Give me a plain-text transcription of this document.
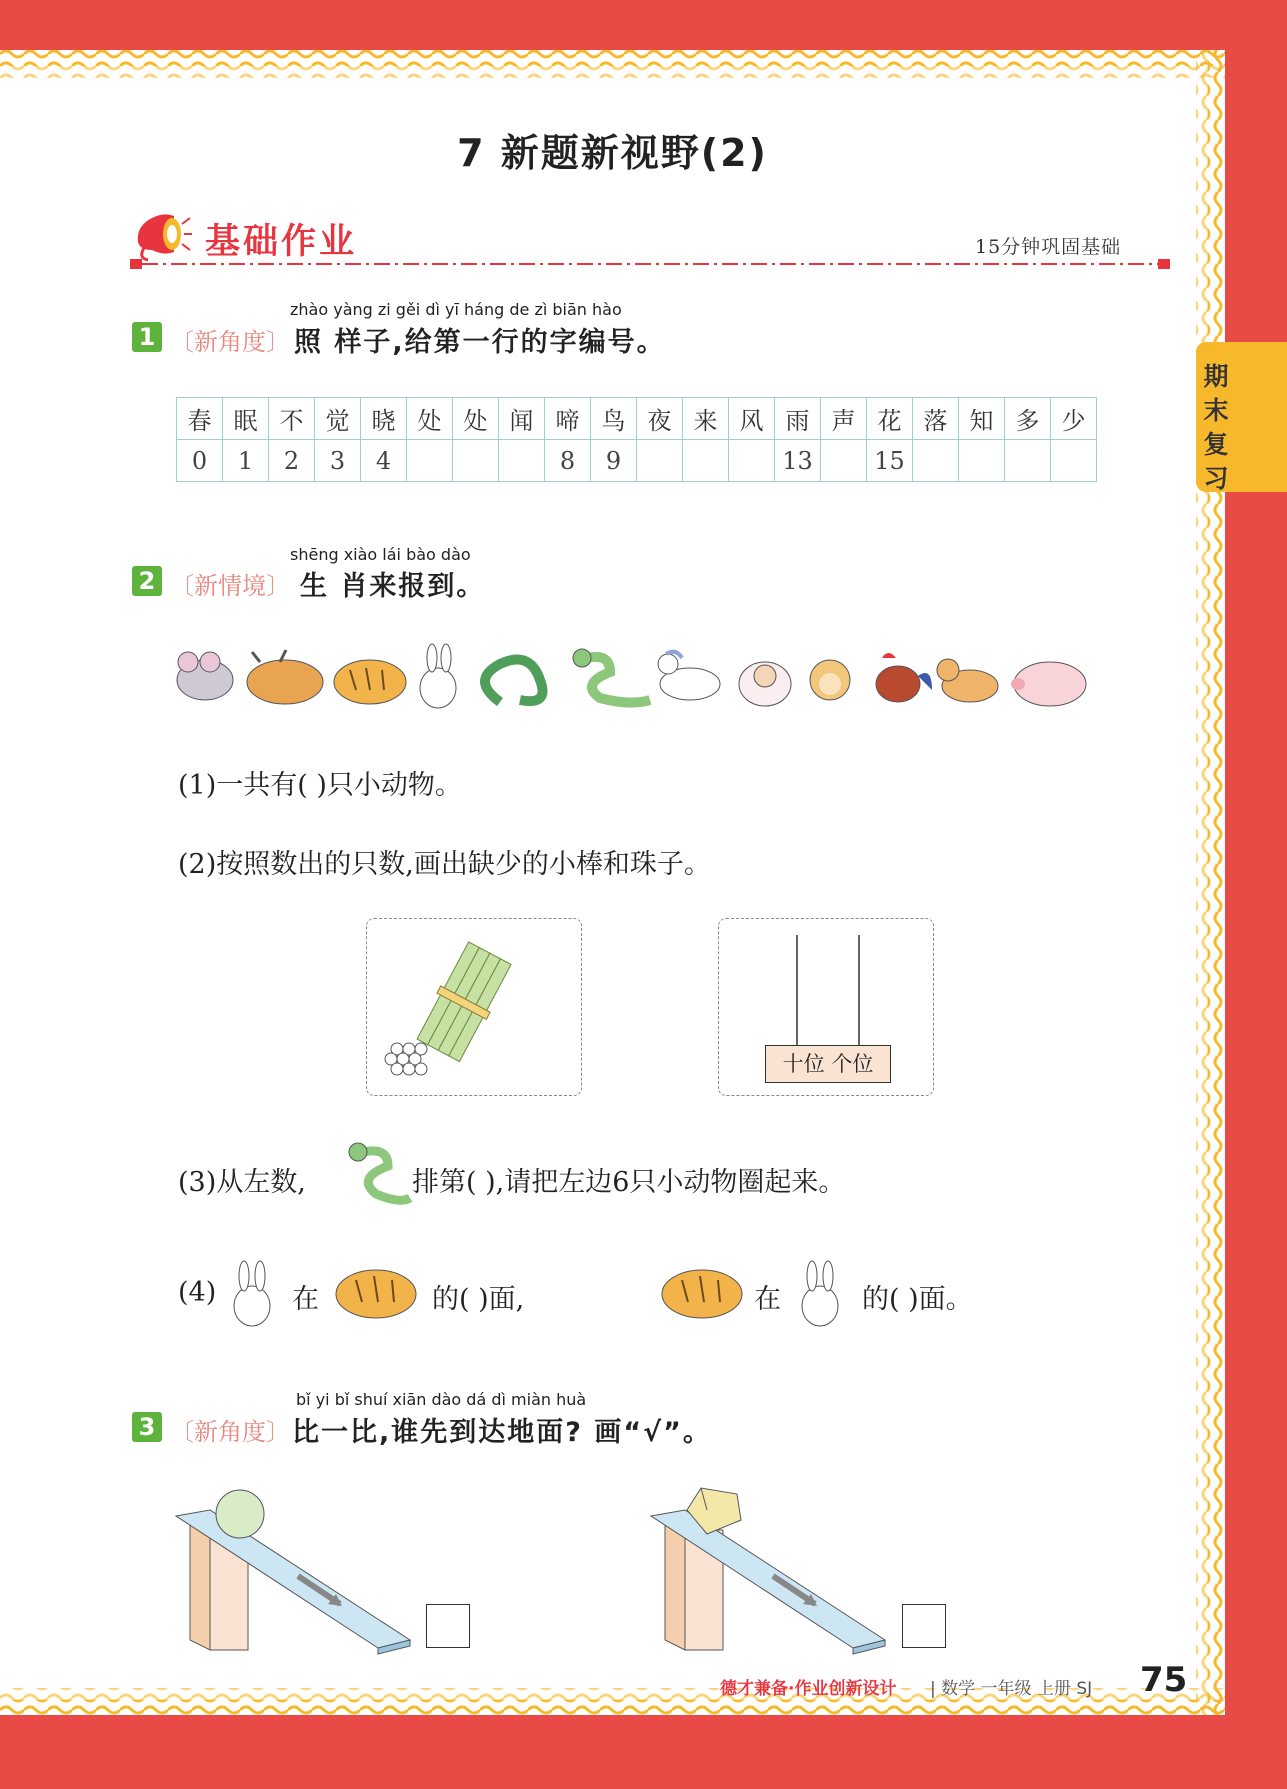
期末复习
7 新题新视野(2)
基础作业	15分钟巩固基础
zhào yàng zi gěi dì yī háng de zì biān hào
1 〔新角度〕 照 样子,给第一行的字编号。
春	眠	不	觉	晓	处	处	闻	啼	鸟	夜	来	风	雨	声	花	落	知	多	少
0	1	2	3	4				8	9				13		15				
shēng xiào lái bào dào
2 〔新情境〕 生 肖来报到。
(1)一共有( )只小动物。
(2)按照数出的只数,画出缺少的小棒和珠子。
十位 个位
(3)从左数,	排第( ),请把左边6只小动物圈起来。
(4)	在	的( )面,	在	的( )面。
bǐ yi bǐ shuí xiān dào dá dì miàn huà
3 〔新角度〕 比一比,谁先到达地面? 画“√”。
德才兼备·作业创新设计 | 数学 一年级 上册 SJ 75
